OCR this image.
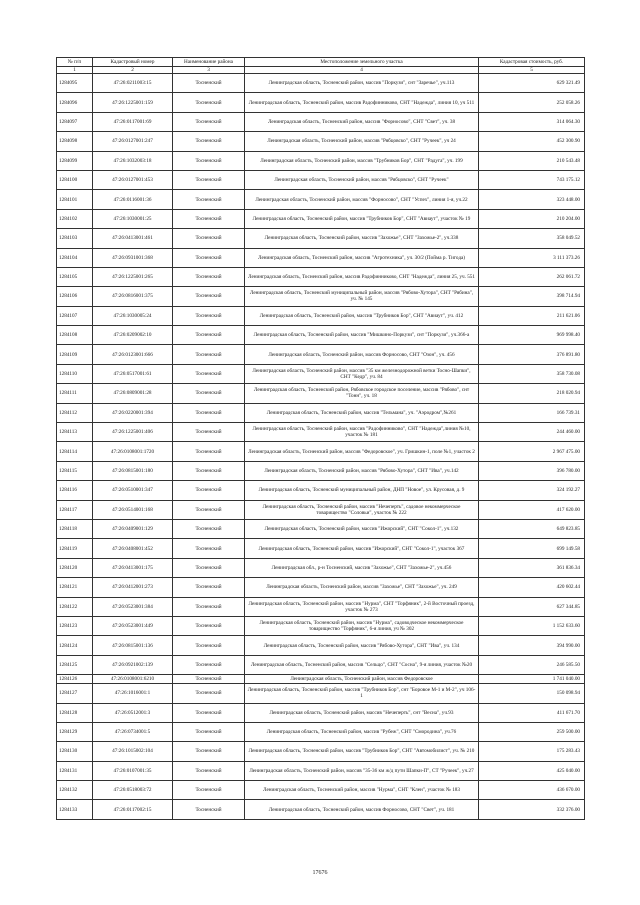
№ п/п	Кадастровый номер	Наименование района	Местоположение земельного участка	Кадастровая стоимость, руб.
1	2	3	4	5
1284095	47:26:0211003:15	Тосненский	Ленинградская область, Тосненский район, массив "Поркузи", снт "Заречье", уч.113	629 321.49
1284096	47:26:1225001:159	Тосненский	Ленинградская область, Тосненский район, массив Радофинниково, СНТ "Надежда", линия 10, уч 511	252 058.26
1284097	47:26:0117001:69	Тосненский	Ленинградская область, Тосненский район, массив "Форносово", СНТ "Свет", уч. 38	314 064.30
1284098	47:26:0127001:247	Тосненский	Ленинградская область, Тосненский район, массив "Рябцовско", СНТ "Ручеек", уч 24	452 300.90
1284099	47:26:1032003:18	Тосненский	Ленинградская область, Тосненский район, массив "Трубников Бор", СНТ "Радуга", уч. 199	210 543.48
1284100	47:26:0127001:453	Тосненский	Ленинградская область, Тосненский район, массив "Рябцовско", СНТ "Ручеек"	743 175.12
1284101	47:26:0116001:36	Тосненский	Ленинградская область, Тосненский район, массив "Форносово", СНТ "Успех", линия 1-я, уч.22	323 448.00
1284102	47:26:1030001:25	Тосненский	Ленинградская область, Тосненский район, массив "Трубников Бор", СНТ "Авиаут", участок № 19	210 204.00
1284103	47:26:0413001:461	Тосненский	Ленинградская область, Тосненский район, массив "Захожье", СНТ "Захожье-2", уч.338	358 049.52
1284104	47:26:0931001:368	Тосненский	Ленинградская область, Тосненский район, массив "Агротехника", уч. 30/2 (Пойма р. Тигода)	3 111 373.26
1284105	47:26:1225001:265	Тосненский	Ленинградская область, Тосненский район, массив Радофинниково, СНТ "Надежда", линия 25, уч. 551	262 061.72
1284106	47:26:0816001:375	Тосненский	Ленинградская область, Тосненский муниципальный район, массив "Рябово-Хутора", СНТ "Рябина", уч. № 145	398 714.94
1284107	47:26:1030005:24	Тосненский	Ленинградская область, Тосненский район, массив "Трубников Бор", СНТ "Авиаут", уч. 412	211 621.06
1284108	47:26:0209002:10	Тосненский	Ленинградская область, Тосненский район, массив "Мишкино-Поркузи", снт "Поркузи", уч.366-а	969 998.40
1284109	47:26:0123001:666	Тосненский	Ленинградская область, Тосненский район, массив Форносово, СНТ "Озон", уч. 456	376 891.80
1284110	47:26:0517001:61	Тосненский	Ленинградская область, Тосненский район, массив "35 км железнодорожной ветки Тосно-Шапки", СНТ "Кедр", уч. 84	358 730.08
1284111	47:26:0809001:28	Тосненский	Ленинградская область, Тосненский район, Рябовское городское поселение, массив "Рябово", снт "Тонн", уч. 18	218 020.94
1284112	47:26:0220001:394	Тосненский	Ленинградская область, Тосненский район, массив "Тельмана", уч. "Аэродром",№261	166 739.31
1284113	47:26:1225001:406	Тосненский	Ленинградская область, Тосненский район, массив "Радофинниково", СНТ "Надежда",линия №10, участок № 181	244 460.00
1284114	47:26:0108001:1720	Тосненский	Ленинградская область, Тосненский район, массив "Федоровское", уч. Гришкин-1, поле №1, участок 2	2 967 475.00
1284115	47:26:0815001:180	Тосненский	Ленинградская область, Тосненский район, массив "Рябово-Хутора", СНТ "Ива", уч.142	396 780.00
1284116	47:26:0510001:347	Тосненский	Ленинградская область, Тосненский муниципальный район, ДНП "Новое", ул. Крусовая, д. 9	324 192.27
1284117	47:26:0514001:168	Тосненский	Ленинградская область, Тосненский район, массив "Нечеперть", садовое некоммерческое товарищество "Соловьи", участок № 222	417 620.00
1284118	47:26:0409001:129	Тосненский	Ленинградская область, Тосненский район, массив "Ижорский", СНТ "Сокол-1", уч.132	649 823.85
1284119	47:26:0408001:452	Тосненский	Ленинградская область, Тосненский район, массив "Ижорский", СНТ "Сокол-1", участок 367	699 149.58
1284120	47:26:0413001:175	Тосненский	Ленинградская обл., р-н Тосненский, массив "Захожье", СНТ "Захожье-2", уч.456	361 836.34
1284121	47:26:0412001:273	Тосненский	Ленинградская область, Тосненский район, массив "Захожье", СНТ "Захожье", уч. 249	420 602.44
1284122	47:26:0523001:384	Тосненский	Ленинградская область, Тосненский район, массив "Нурма", СНТ "Торфяник", 2-й Восточный проезд, участок № 273	627 344.85
1284123	47:26:0523001:449	Тосненский	Ленинградская область, Тосненский район, массив "Нурма", садоводческое некоммерческое товарищество "Торфяник", 6-я линия, уч № 302	1 152 633.60
1284124	47:26:0815001:136	Тосненский	Ленинградская область, Тосненский район, массив "Рябово-Хутора", СНТ "Ива", уч. 134	394 990.00
1284125	47:26:0921002:139	Тосненский	Ленинградская область, Тосненский район, массив "Сельцо", СНТ "Сосна", 9-я линия, участок №20	246 585.50
1284126	47:26:0108001:6210	Тосненский	Ленинградская область, Тосненский район, массив Федоровское	1 741 040.00
1284127	47:26:1016001:1	Тосненский	Ленинградская область, Тосненский район, массив "Трубников Бор", снт "Боровое М-1 и М-2", уч 106-1	150 098.94
1284128	47:26:0512001:3	Тосненский	Ленинградская область, Тосненский район, массив "Нечеперть", снт "Весна", уч.93	411 671.70
1284129	47:26:0734001:5	Тосненский	Ленинградская область, Тосненский район, массив "Рубеж", СНТ "Смородина", уч.76	259 500.00
1284130	47:26:1015002:104	Тосненский	Ленинградская область, Тосненский район, массив "Трубников Бор", СНТ "Автомобилист", уч. № 210	175 283.43
1284131	47:26:0107001:35	Тосненский	Ленинградская область, Тосненский район, массив "35-36 км ж/д пути Шапки-П", СТ "Ручеек", уч.27	425 040.00
1284132	47:26:0518003:72	Тосненский	Ленинградская область, Тосненский район, массив "Нурма", СНТ "Клен", участок № 183	436 670.00
1284133	47:26:0117002:15	Тосненский	Ленинградская область, Тосненский район, массив Форносово, СНТ "Свет", уч. 181	332 376.00
17676
